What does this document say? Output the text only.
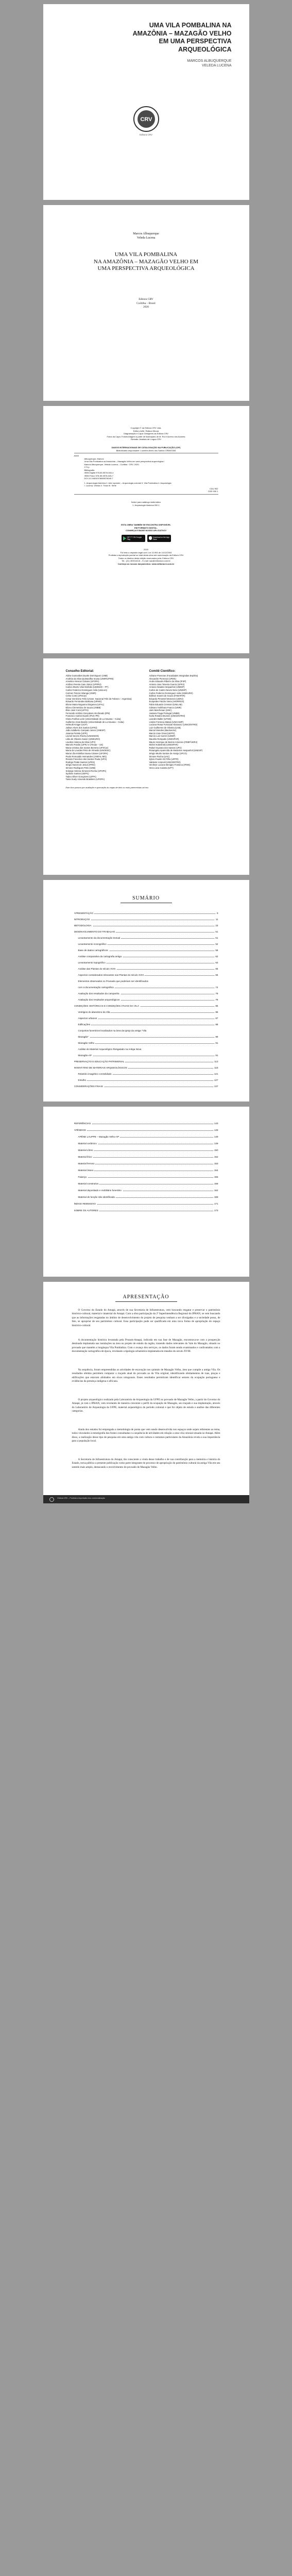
UMA VILA POMBALINA NA
AMAZÔNIA – MAZAGÃO VELHO
EM UMA PERSPECTIVA
ARQUEOLÓGICA
MARCOS ALBUQUERQUE
VELEDA LUCENA
CRV
Editora CRV
Marcos Albuquerque
Veleda Lucena
UMA VILA POMBALINA
NA AMAZÔNIA – MAZAGÃO VELHO EM
UMA PERSPECTIVA ARQUEOLÓGICA
Editora CRV
Curitiba – Brasil
2020
Copyright © da Editora CRV Ltda.
Editor-chefe: Railson Moura
Diagramação e Capa: Designers da Editora CRV
Fotos da Capa: Fotomontagem a partir de Ilustrações de M. Rui e Acervo dos Autores
Revisão: Analista de Língua CRV
DADOS INTERNACIONAIS DE CATALOGAÇÃO NA PUBLICAÇÃO (CIP)
Bibliotecária responsável: Luzenira Alves dos Santos CRB9/1506
A345
Albuquerque, Marcos
Uma Vila Pombalina na Amazônia – Mazagão Velho em uma perspectiva arqueológica /
Marcos Albuquerque, Veleda Lucena – Curitiba : CRV, 2020.
174 p.
Bibliografia
ISBN Digital 978-65-5578-046-4
ISBN Físico 978-65-5578-045-7
DOI 10.24824/978655578045.7
1. Arqueologia histórica 2. Arte rupestre – Arqueologia colonial 3. Vila Pombalina 4. Arqueologia
I. Lucena, Veleda II. Título III. Série
CDU 902
CDD 930.1
Índice para catálogo sistemático
1. Arqueologia histórica 930.1
ESTA OBRA TAMBÉM SE ENCONTRA DISPONÍVEL
EM FORMATO DIGITAL.
CONHEÇA E BAIXE NOSSO APLICATIVO!
GET IT ON Google Play
Download on the App Store
2020
Foi feito o depósito legal conf. Lei 10.994 de 14/12/2004
Proibida a reprodução parcial ou total desta obra sem autorização da Editora CRV
Todos os direitos desta edição reservados pela: Editora CRV
Tel.: (41) 3039-6418 – E-mail: sac@editoracrv.com.br
Conheça os nossos lançamentos: www.editoracrv.com.br
Conselho Editorial:
Aldira Guimarães Duarte Domínguez (UNB)
Andréia da Silva Quintanilha Sousa (UNIR/UFRN)
Anselmo Alencar Colares (UFOPA)
Antônio Pereira Gaio Júnior (UFRRJ)
Carlos Alberto Vilar Estêvão (UMINHO – PT)
Carlos Federico Dominguez Avila (Unieuro)
Carmen Tereza Velanga (UNIR)
Celso Conti (UFSCar)
Cesar Gerónimo Tello (Univer. Nacional Três de Febrero – Argentina)
Eduardo Fernandes Barbosa (UFMG)
Elione Maria Nogueira Diogenes (UFAL)
Elizeu Clementino de Souza (UNEB)
Élsio José Corá (UFFS)
Fernando Antônio Gonçalves Alcoforado (IPB)
Francisco Carlos Duarte (PUC-PR)
Gloria Fariñas León (Universidade de La Havana – Cuba)
Guillermo Arias Beatón (Universidade de La Havana – Cuba)
Helmuth Krüger (UCP)
Jailson Alves dos Santos (UFRJ)
João Adalberto Campato Junior (UNESP)
Josania Portela (UFPI)
Leonel Severo Rocha (UNISINOS)
Lídia de Oliveira Xavier (UNIEURO)
Lourdes Helena da Silva (UFV)
Marcelo Paixão (UFRJ e UTexas – US)
Maria Cristina dos Santos Bezerra (UFSCar)
Maria de Lourdes Pinto de Almeida (UNOESC)
Maria Lília Imbiriba Sousa Colares (UFOPA)
Paulo Romualdo Hernandes (UNIFAL-MG)
Renato Francisco dos Santos Paula (UFG)
Rodrigo Pratte-Santos (UFES)
Sérgio Nunes de Jesus (IFRO)
Simone Rodrigues Pinto (UNB)
Solange Helena Ximenes-Rocha (UFOPA)
Sydione Santos (UEPG)
Tadeu Oliver Gonçalves (UFPA)
Tania Suely Azevedo Brasileiro (UFOPA)
Comitê Científico:
Adriane Piovezan (Faculdades Integradas Espírita)
Alexandre Pierezan (UFMS)
Andre Eduardo Ribeiro da Silva (IFSP)
Antonio Jose Teixeira Guerra (UFRJ)
Antonio Nivaldo Hespanhol (UNESP)
Carlos de Castro Neves Neto (UNESP)
Carlos Federico Dominguez Avila (UNIEURO)
Edilson Soares de Souza (FABAPAR)
Eduardo Pimentel Menezes (UERJ)
Euripedes Falcão Vieira (IHGRRGS)
Fabio Eduardo Cressoni (UNILAB)
Gilmara Yoshihara Franco (UNIR)
Jairo Marchesan (UNC)
Jussara Fraga Portugal (UNEB)
Karla Rosário Brumes (UNICENTRO)
Leandro Baller (UFGD)
Lindon Fonseca Matias (UNICAMP)
Luciana Rosar Fornazari Klanovicz (UNICENTRO)
Luiz Guilherme de Oliveira (UnB)
Marcel Mendes (Mackenzie)
Marcio Jose Ornat (UEPG)
Marcio Luiz Carreri (UENP)
Maurilio Rompatto (UNESPAR)
Mauro Henrique de Barros Amoroso (FEBF/UERJ)
Michel Kobelinski (UNESPAR)
Rafael Guarato dos Santos (UFG)
Rosangela Aparecida de Medeiros Hespanhol (UNESP)
Sérgio Murilo Santos de Araújo (UFCG)
Simone Rocha (UnC)
Sylvio Fausto Gil Filho (UFPR)
Valdemir Antoneli (UNICENTRO)
Venilson Luciano Benigno Fonseca (IFMG)
Vera Lúcia Caixeta (UFT)
Este livro passou por avaliação e aprovação às cegas de dois ou mais pareceristas ad hoc.
SUMÁRIO
APRESENTAÇÃO	9
INTRODUÇÃO	11
METODOLOGIA	23
DESENVOLVIMENTO DO TRABALHO	51
Levantamento da documentação textual	51
Levantamento iconográfico	52
Base de dados cartográficos	58
Análise comparativa da cartografia antiga	62
Levantamento topográfico	63
Análise das Plantas do século XVIII	65
Aspectos considerados relevantes nas Plantas do século XVIII	65
Elementos observados no Povoado que poderiam ser identificados
com a documentação cartográfica	74
Avaliação dos resultados da campanha	79
Avaliação dos resultados arqueológicos	79
CONDIÇÕES HISTÓRICAS E CONDIÇÕES ATUAIS DA VILA	85
Vestígios do abandono da Vila	86
Aspectos urbanos	87
Edificações	88
Conjuntos funerários localizados na área da igreja da antiga "Vila
Mazagão"	89
Mazagão Velho	91
Análise do Material Arqueológico Resgatado na Antiga Nova
Mazagão-AP	91
PRESERVAÇÃO E EDUCAÇÃO PATRIMONIAL	113
INVENTÁRIO DE MATERIAIS ARQUEOLÓGICOS	115
Relatório imagético consolidado	121
Entulho	127
CONSIDERAÇÕES FINAIS	137
REFERÊNCIAS	143
APÊNDICE	149
APÊND LAUPPE – Mazagão Velho-AP	149
Material cerâmico	149
Material vítreo	150
Material lítico	152
Material ferroso	153
Material ósseo	154
Faiança	155
Material construtivo	158
Material depositado e mobiliário funerário	162
Material de função não identificada	168
ÍNDICE REMISSIVO	171
SOBRE OS AUTORES	173
APRESENTAÇÃO
O Governo do Estado do Amapá, através de sua Secretaria de Infraestrutura, vem buscando resgatar e preservar o patrimônio histórico-cultural, material e imaterial do Amapá. Com a obra participação da 2ª Superintendência Regional do IPHAN, se vem buscando que as informações resgatadas no âmbito de desenvolvimento do projeto de pesquisa venham a ser divulgadas e a sociedade possa, de fato, se apropriar de seu patrimônio cultural. Essa participação pode ser qualificada em uma nova forma de apropriação do espaço histórico-cultural.
A documentação histórica levantada pela Prusam-Amapá, indicada em sua fase de Mazagão, encontrava-se com a prospecção destinada implantada nas instalações na área ou projeto de estudo da região, trazendo dados relevantes do Vale do Mazagão, situado no povoado que mantém a longínqua Vila Pombalina. Com o avanço dos serviços, os dados foram sendo examinados e confrontados com a documentação cartográfica de época, revelando a tipologia urbanística implantada em meados do século XVIII.
Na sequência, foram empreendidas as atividades de escavação nos quintais de Mazagão Velho, área que compõe a antiga Vila. Os resultados obtidos permitem comparar o traçado atual do povoado ao da Vila original, identificando alinhamentos de ruas, praças e edificações que estavam alinhados em eixos ortogonais. Esses resultados permitiram identificar setores da ocupação portuguesa e evidências da presença indígena e africana.
O projeto arqueológico realizado pela Laboratório de Arqueologia da UFPE no povoado de Mazagão Velho, a partir do Governo do Amapá, já com o IPHAN, vem revelando de maneira crescente o perfil da ocupação de Mazagão, seu traçado e sua implantação, através do Laboratório de Arqueologia da UFPE, material arqueológico do período colonial e que foi objeto de estudo e análise das diferentes categorias.
Ainda dos estudos foi empregada a metodologia de ponta que vem sendo desenvolvida nos espaços onde sejam referentes ao tema, todos vinculados à estratigrafia das fontes consultadas e a sequência de atividades em relação a uma vila colonial situada no Amapá. Além disso, a realização desse tipo de pesquisa em uma antiga vila com cultura e costumes particulares da Amazônia revela a sua importância para a população local.
A Secretaria de Infraestrutura do Amapá, tão consciente a vinda desse trabalho e de sua contribuição para a memória e história do Estado, torna pública a presente publicação como parte integrante do processo de apropriação do patrimônio cultural da antiga Vila em seu sentido mais amplo, destacando o envolvimento do povoado de Mazagão Velho.
Editora CRV – Proibida a impressão e/ou comercialização
